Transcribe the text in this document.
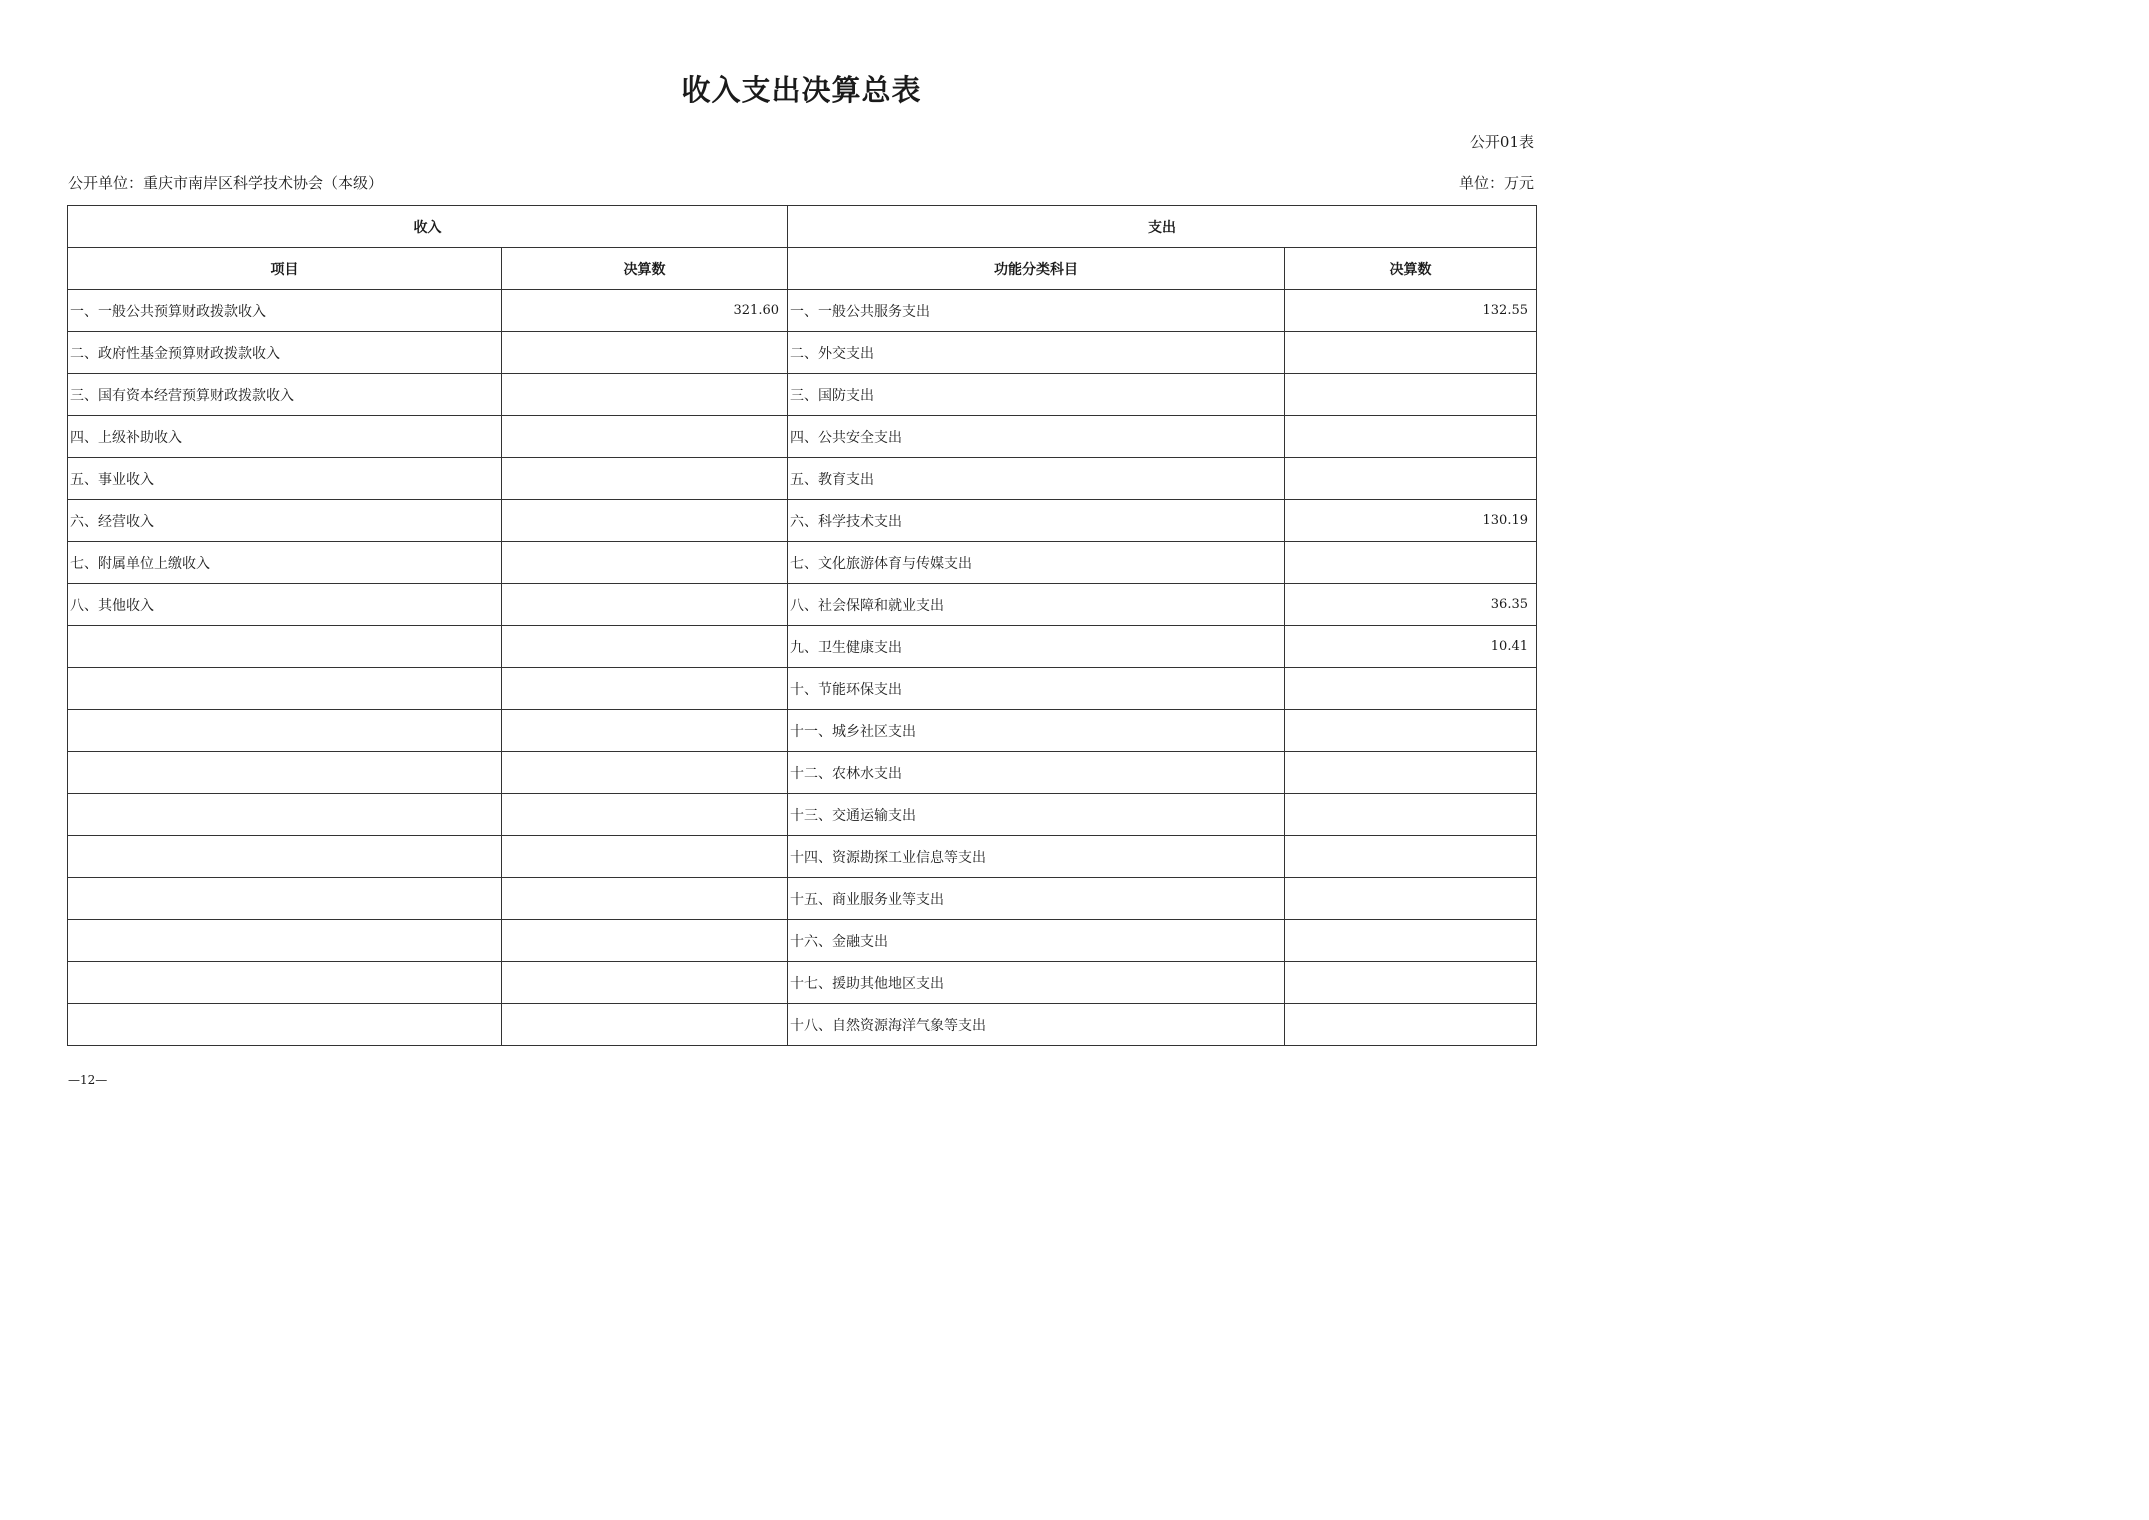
收入支出决算总表
公开01表
公开单位：重庆市南岸区科学技术协会（本级）	单位：万元
收入		支出	
项目	决算数	功能分类科目	决算数
一、一般公共预算财政拨款收入	321.60	一、一般公共服务支出	132.55
二、政府性基金预算财政拨款收入		二、外交支出	
三、国有资本经营预算财政拨款收入		三、国防支出	
四、上级补助收入		四、公共安全支出	
五、事业收入		五、教育支出	
六、经营收入		六、科学技术支出	130.19
七、附属单位上缴收入		七、文化旅游体育与传媒支出	
八、其他收入		八、社会保障和就业支出	36.35
		九、卫生健康支出	10.41
		十、节能环保支出	
		十一、城乡社区支出	
		十二、农林水支出	
		十三、交通运输支出	
		十四、资源勘探工业信息等支出	
		十五、商业服务业等支出	
		十六、金融支出	
		十七、援助其他地区支出	
		十八、自然资源海洋气象等支出	
—12—
